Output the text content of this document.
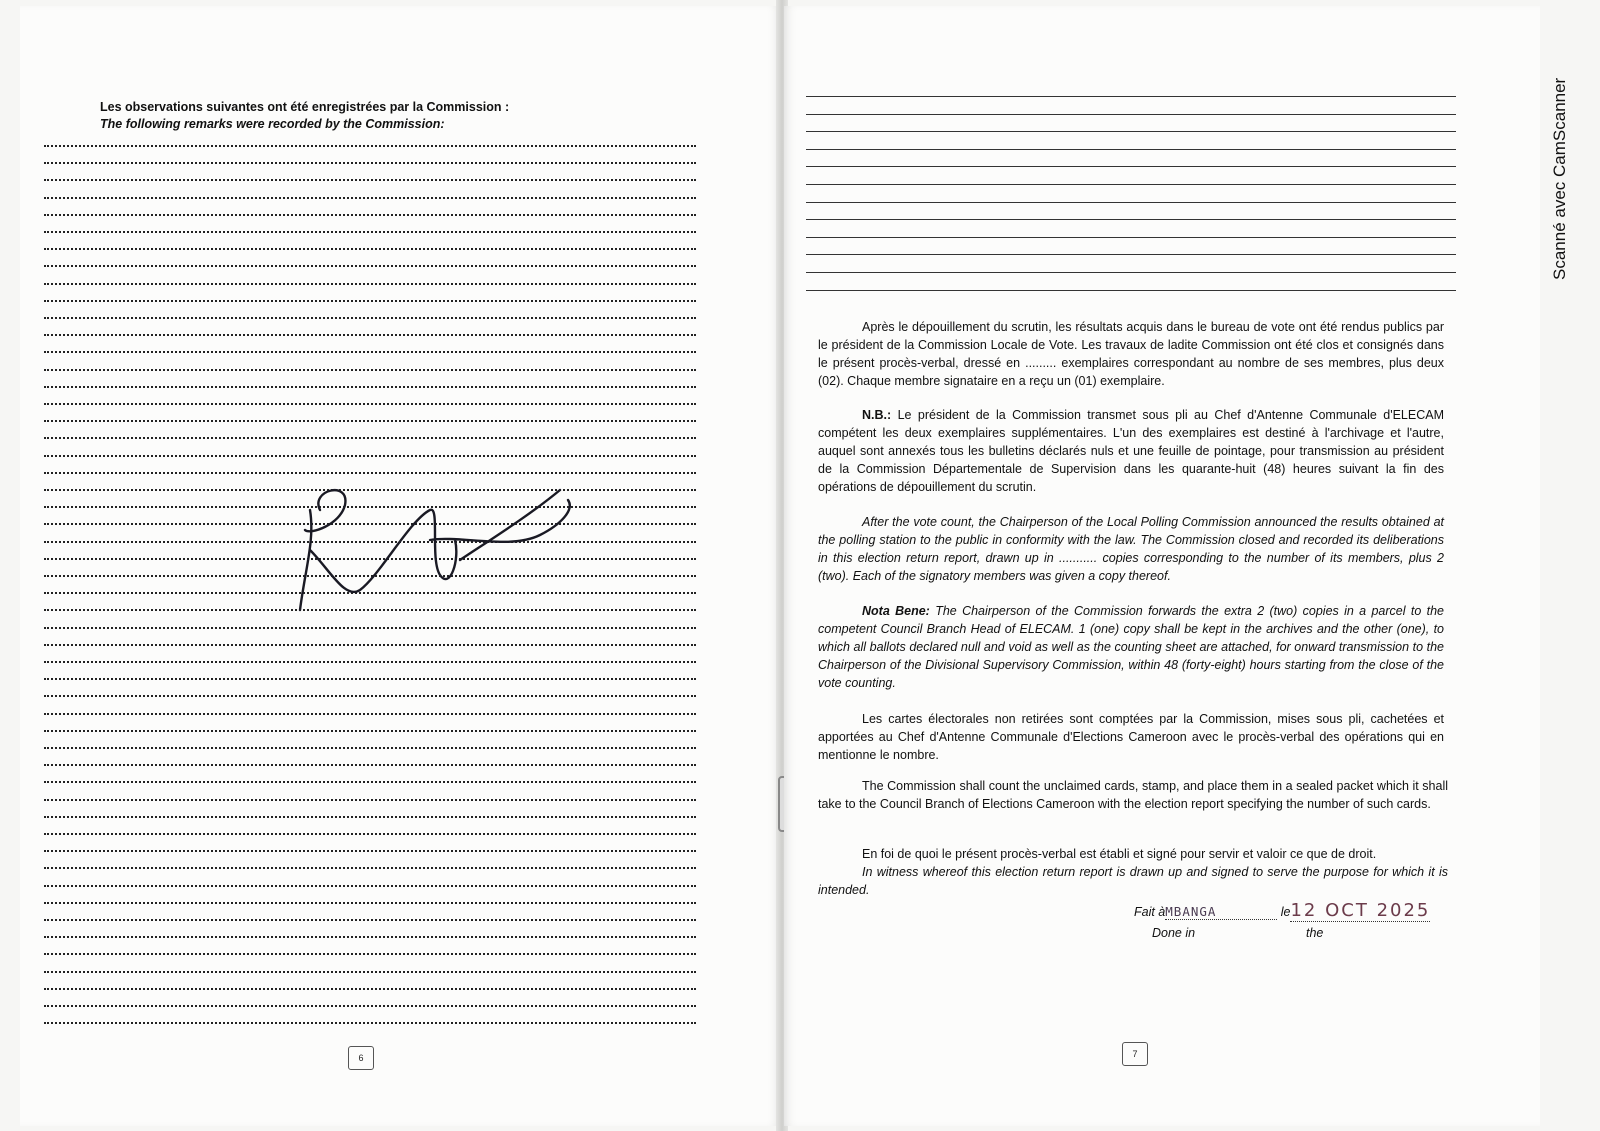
Les observations suivantes ont été enregistrées par la Commission :
The following remarks were recorded by the Commission:
6
Après le dépouillement du scrutin, les résultats acquis dans le bureau de vote ont été rendus publics par le président de la Commission Locale de Vote. Les travaux de ladite Commission ont été clos et consignés dans le présent procès-verbal, dressé en ......... exemplaires correspondant au nombre de ses membres, plus deux (02). Chaque membre signataire en a reçu un (01) exemplaire.
N.B.: Le président de la Commission transmet sous pli au Chef d'Antenne Communale d'ELECAM compétent les deux exemplaires supplémentaires. L'un des exemplaires est destiné à l'archivage et l'autre, auquel sont annexés tous les bulletins déclarés nuls et une feuille de pointage, pour transmission au président de la Commission Départementale de Supervision dans les quarante-huit (48) heures suivant la fin des opérations de dépouillement du scrutin.
After the vote count, the Chairperson of the Local Polling Commission announced the results obtained at the polling station to the public in conformity with the law. The Commission closed and recorded its deliberations in this election return report, drawn up in ........... copies corresponding to the number of its members, plus 2 (two). Each of the signatory members was given a copy thereof.
Nota Bene: The Chairperson of the Commission forwards the extra 2 (two) copies in a parcel to the competent Council Branch Head of ELECAM. 1 (one) copy shall be kept in the archives and the other (one), to which all ballots declared null and void as well as the counting sheet are attached, for onward transmission to the Chairperson of the Divisional Supervisory Commission, within 48 (forty-eight) hours starting from the close of the vote counting.
Les cartes électorales non retirées sont comptées par la Commission, mises sous pli, cachetées et apportées au Chef d'Antenne Communale d'Elections Cameroon avec le procès-verbal des opérations qui en mentionne le nombre.
The Commission shall count the unclaimed cards, stamp, and place them in a sealed packet which it shall take to the Council Branch of Elections Cameroon with the election report specifying the number of such cards.
En foi de quoi le présent procès-verbal est établi et signé pour servir et valoir ce que de droit.
In witness whereof this election return report is drawn up and signed to serve the purpose for which it is intended.
Fait àMBANGA	le12 OCT 2025
Done in	the
7
Scanné avec CamScanner
